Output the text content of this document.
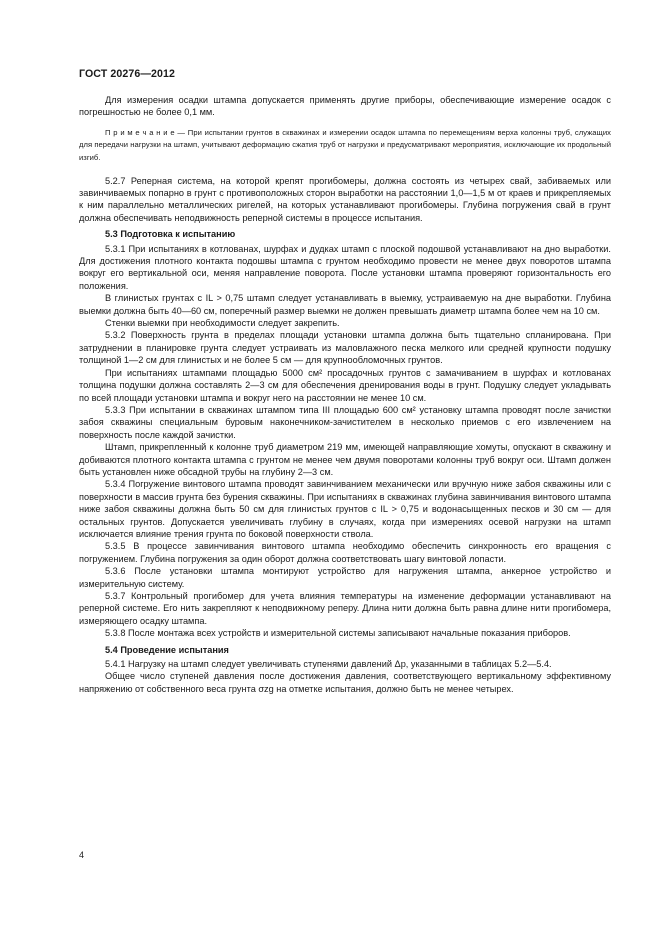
ГОСТ 20276—2012

Для измерения осадки штампа допускается применять другие приборы, обеспечивающие измерение осадок с погрешностью не более 0,1 мм.

П р и м е ч а н и е — При испытании грунтов в скважинах и измерении осадок штампа по перемещениям верха колонны труб, служащих для передачи нагрузки на штамп, учитывают деформацию сжатия труб от нагрузки и предусматривают мероприятия, исключающие их продольный изгиб.

5.2.7 Реперная система, на которой крепят прогибомеры, должна состоять из четырех свай, забиваемых или завинчиваемых попарно в грунт с противоположных сторон выработки на расстоянии 1,0—1,5 м от краев и прикрепляемых к ним параллельно металлических ригелей, на которых устанавливают прогибомеры. Глубина погружения свай в грунт должна обеспечивать неподвижность реперной системы в процессе испытания.

5.3 Подготовка к испытанию

5.3.1 При испытаниях в котлованах, шурфах и дудках штамп с плоской подошвой устанавливают на дно выработки. Для достижения плотного контакта подошвы штампа с грунтом необходимо провести не менее двух поворотов штампа вокруг его вертикальной оси, меняя направление поворота. После установки штампа проверяют горизонтальность его положения.

В глинистых грунтах с IL > 0,75 штамп следует устанавливать в выемку, устраиваемую на дне выработки. Глубина выемки должна быть 40—60 см, поперечный размер выемки не должен превышать диаметр штампа более чем на 10 см.

Стенки выемки при необходимости следует закрепить.

5.3.2 Поверхность грунта в пределах площади установки штампа должна быть тщательно спланирована. При затруднении в планировке грунта следует устраивать из маловлажного песка мелкого или средней крупности подушку толщиной 1—2 см для глинистых и не более 5 см — для крупнообломочных грунтов.

При испытаниях штампами площадью 5000 см² просадочных грунтов с замачиванием в шурфах и котлованах толщина подушки должна составлять 2—3 см для обеспечения дренирования воды в грунт. Подушку следует укладывать по всей площади установки штампа и вокруг него на расстоянии не менее 10 см.

5.3.3 При испытании в скважинах штампом типа III площадью 600 см² установку штампа проводят после зачистки забоя скважины специальным буровым наконечником-зачистителем в несколько приемов с его извлечением на поверхность после каждой зачистки.

Штамп, прикрепленный к колонне труб диаметром 219 мм, имеющей направляющие хомуты, опускают в скважину и добиваются плотного контакта штампа с грунтом не менее чем двумя поворотами колонны труб вокруг оси. Штамп должен быть установлен ниже обсадной трубы на глубину 2—3 см.

5.3.4 Погружение винтового штампа проводят завинчиванием механически или вручную ниже забоя скважины или с поверхности в массив грунта без бурения скважины. При испытаниях в скважинах глубина завинчивания винтового штампа ниже забоя скважины должна быть 50 см для глинистых грунтов с IL > 0,75 и водонасыщенных песков и 30 см — для остальных грунтов. Допускается увеличивать глубину в случаях, когда при измерениях осевой нагрузки на штамп исключается влияние трения грунта по боковой поверхности ствола.

5.3.5 В процессе завинчивания винтового штампа необходимо обеспечить синхронность его вращения с погружением. Глубина погружения за один оборот должна соответствовать шагу винтовой лопасти.

5.3.6 После установки штампа монтируют устройство для нагружения штампа, анкерное устройство и измерительную систему.

5.3.7 Контрольный прогибомер для учета влияния температуры на изменение деформации устанавливают на реперной системе. Его нить закрепляют к неподвижному реперу. Длина нити должна быть равна длине нити прогибомера, измеряющего осадку штампа.

5.3.8 После монтажа всех устройств и измерительной системы записывают начальные показания приборов.

5.4 Проведение испытания

5.4.1 Нагрузку на штамп следует увеличивать ступенями давлений Δp, указанными в таблицах 5.2—5.4.

Общее число ступеней давления после достижения давления, соответствующего вертикальному эффективному напряжению от собственного веса грунта σzg на отметке испытания, должно быть не менее четырех.

4
